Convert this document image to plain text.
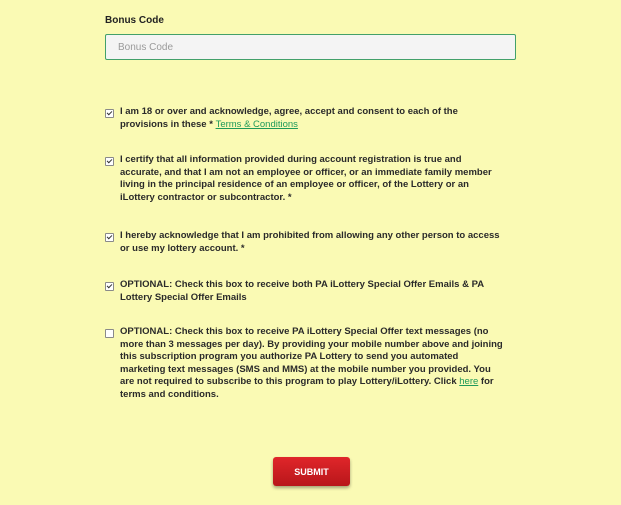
Bonus Code
Bonus Code
I am 18 or over and acknowledge, agree, accept and consent to each of the provisions in these * Terms & Conditions
I certify that all information provided during account registration is true and accurate, and that I am not an employee or officer, or an immediate family member living in the principal residence of an employee or officer, of the Lottery or an iLottery contractor or subcontractor. *
I hereby acknowledge that I am prohibited from allowing any other person to access or use my lottery account. *
OPTIONAL: Check this box to receive both PA iLottery Special Offer Emails & PA Lottery Special Offer Emails
OPTIONAL: Check this box to receive PA iLottery Special Offer text messages (no more than 3 messages per day). By providing your mobile number above and joining this subscription program you authorize PA Lottery to send you automated marketing text messages (SMS and MMS) at the mobile number you provided. You are not required to subscribe to this program to play Lottery/iLottery. Click here for terms and conditions.
SUBMIT
